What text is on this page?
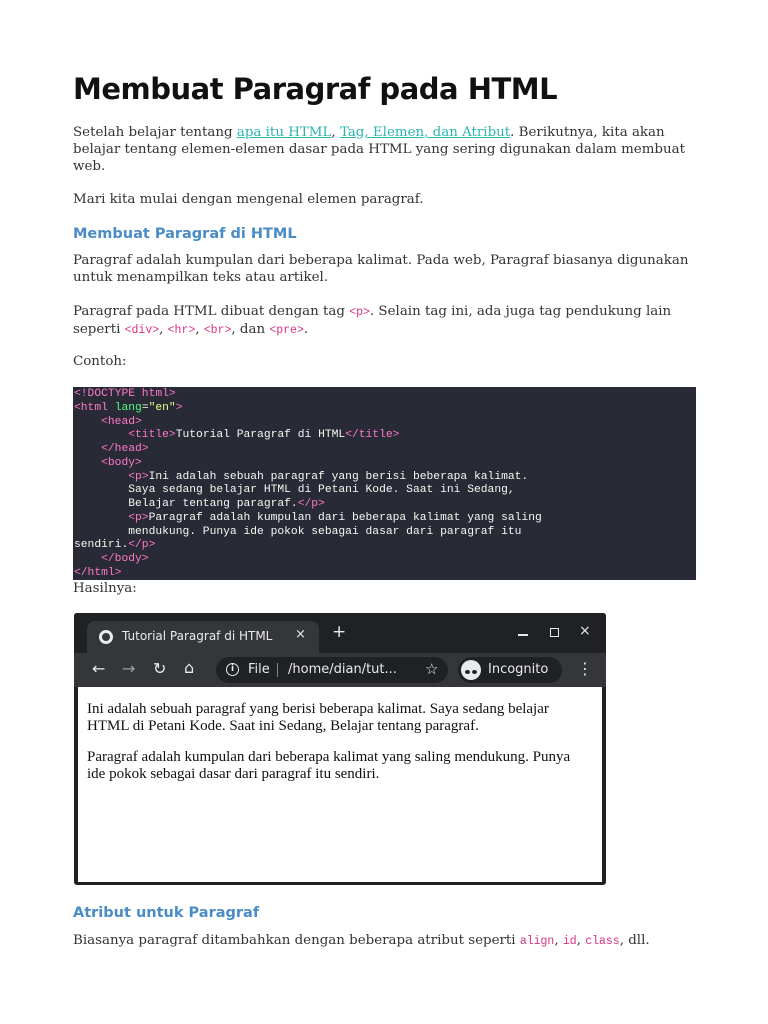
Membuat Paragraf pada HTML

Setelah belajar tentang apa itu HTML, Tag, Elemen, dan Atribut. Berikutnya, kita akan belajar tentang elemen-elemen dasar pada HTML yang sering digunakan dalam membuat web.

Mari kita mulai dengan mengenal elemen paragraf.

Membuat Paragraf di HTML

Paragraf adalah kumpulan dari beberapa kalimat. Pada web, Paragraf biasanya digunakan untuk menampilkan teks atau artikel.

Paragraf pada HTML dibuat dengan tag <p>. Selain tag ini, ada juga tag pendukung lain seperti <div>, <hr>, <br>, dan <pre>.

Contoh:

<!DOCTYPE html>
<html lang="en">
<head>
<title>Tutorial Paragraf di HTML</title>
</head>
<body>
<p>Ini adalah sebuah paragraf yang berisi beberapa kalimat.
Saya sedang belajar HTML di Petani Kode. Saat ini Sedang,
Belajar tentang paragraf.</p>
<p>Paragraf adalah kumpulan dari beberapa kalimat yang saling
mendukung. Punya ide pokok sebagai dasar dari paragraf itu
sendiri.</p>
</body>
</html>

Hasilnya:

Atribut untuk Paragraf

Biasanya paragraf ditambahkan dengan beberapa atribut seperti align, id, class, dll.

Tutorial Paragraf di HTML × +	×
← → ↻ ⌂	i	File /home/dian/tut... ☆	Incognito ⋮

Ini adalah sebuah paragraf yang berisi beberapa kalimat. Saya sedang belajar HTML di Petani Kode. Saat ini Sedang, Belajar tentang paragraf.

Paragraf adalah kumpulan dari beberapa kalimat yang saling mendukung. Punya ide pokok sebagai dasar dari paragraf itu sendiri.
